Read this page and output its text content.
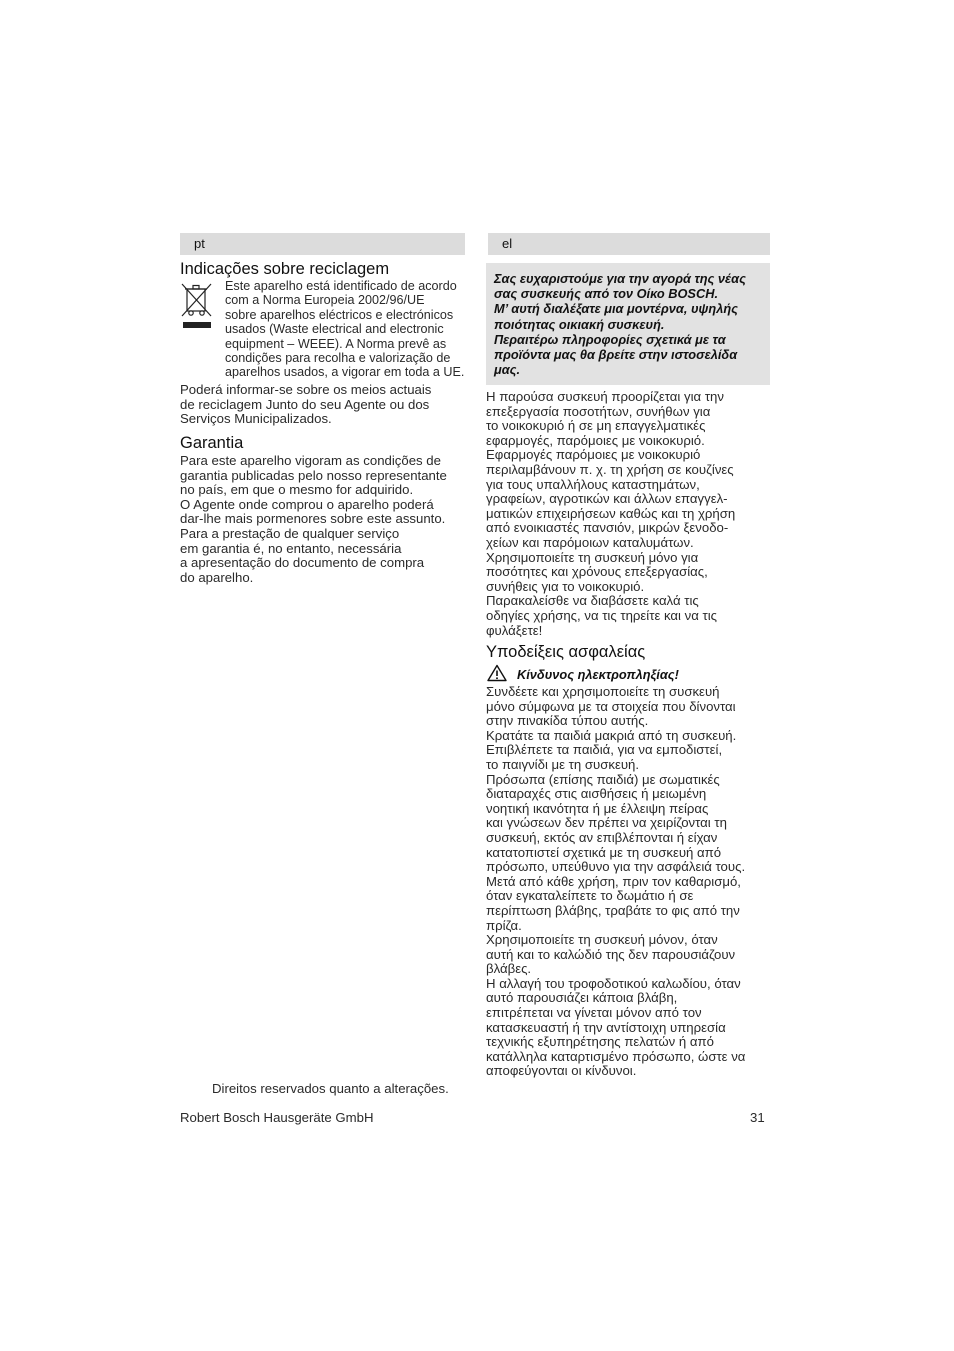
pt	el
Indicações sobre reciclagem
Este aparelho está identificado de acordo
com a Norma Europeia 2002/96/UE
sobre aparelhos eléctricos e electrónicos
usados (Waste electrical and electronic
equipment – WEEE). A Norma prevê as
condições para recolha e valorização de
aparelhos usados, a vigorar em toda a UE.
Poderá informar-se sobre os meios actuais
de reciclagem Junto do seu Agente ou dos
Serviços Municipalizados.
Garantia
Para este aparelho vigoram as condições de
garantia publicadas pelo nosso representante
no país, em que o mesmo for adquirido.
O Agente onde comprou o aparelho poderá
dar-lhe mais pormenores sobre este assunto.
Para a prestação de qualquer serviço
em garantia é, no entanto, necessária
a apresentação do documento de compra
do aparelho.
Direitos reservados quanto a alterações.
Σας ευχαριστούμε για την αγορά της νέας
σας συσκευής από τον Οίκο BOSCH.
Μ’ αυτή διαλέξατε μια μοντέρνα, υψηλής
ποιότητας οικιακή συσκευή.
Περαιτέρω πληροφορίες σχετικά με τα
προϊόντα μας θα βρείτε στην ιστοσελίδα
μας.
Η παρούσα συσκευή προορίζεται για την
επεξεργασία ποσοτήτων, συνήθων για
το νοικοκυριό ή σε μη επαγγελματικές
εφαρμογές, παρόμοιες με νοικοκυριό.
Εφαρμογές παρόμοιες με νοικοκυριό
περιλαμβάνουν π. χ. τη χρήση σε κουζίνες
για τους υπαλλήλους καταστημάτων,
γραφείων, αγροτικών και άλλων επαγγελ-
ματικών επιχειρήσεων καθώς και τη χρήση
από ενοικιαστές πανσιόν, μικρών ξενοδο-
χείων και παρόμοιων καταλυμάτων.
Χρησιμοποιείτε τη συσκευή μόνο για
ποσότητες και χρόνους επεξεργασίας,
συνήθεις για το νοικοκυριό.
Παρακαλείσθε να διαβάσετε καλά τις
οδηγίες χρήσης, να τις τηρείτε και να τις
φυλάξετε!
Υποδείξεις ασφαλείας
Κίνδυνος ηλεκτροπληξίας!
Συνδέετε και χρησιμοποιείτε τη συσκευή
μόνο σύμφωνα με τα στοιχεία που δίνονται
στην πινακίδα τύπου αυτής.
Κρατάτε τα παιδιά μακριά από τη συσκευή.
Επιβλέπετε τα παιδιά, για να εμποδιστεί,
το παιγνίδι με τη συσκευή.
Πρόσωπα (επίσης παιδιά) με σωματικές
διαταραχές στις αισθήσεις ή μειωμένη
νοητική ικανότητα ή με έλλειψη πείρας
και γνώσεων δεν πρέπει να χειρίζονται τη
συσκευή, εκτός αν επιβλέπονται ή είχαν
κατατοπιστεί σχετικά με τη συσκευή από
πρόσωπο, υπεύθυνο για την ασφάλειά τους.
Μετά από κάθε χρήση, πριν τον καθαρισμό,
όταν εγκαταλείπετε το δωμάτιο ή σε
περίπτωση βλάβης, τραβάτε το φις από την
πρίζα.
Χρησιμοποιείτε τη συσκευή μόνον, όταν
αυτή και το καλώδιό της δεν παρουσιάζουν
βλάβες.
Η αλλαγή του τροφοδοτικού καλωδίου, όταν
αυτό παρουσιάζει κάποια βλάβη,
επιτρέπεται να γίνεται μόνον από τον
κατασκευαστή ή την αντίστοιχη υπηρεσία
τεχνικής εξυπηρέτησης πελατών ή από
κατάλληλα καταρτισμένο πρόσωπο, ώστε να
αποφεύγονται οι κίνδυνοι.
Robert Bosch Hausgeräte GmbH	31
